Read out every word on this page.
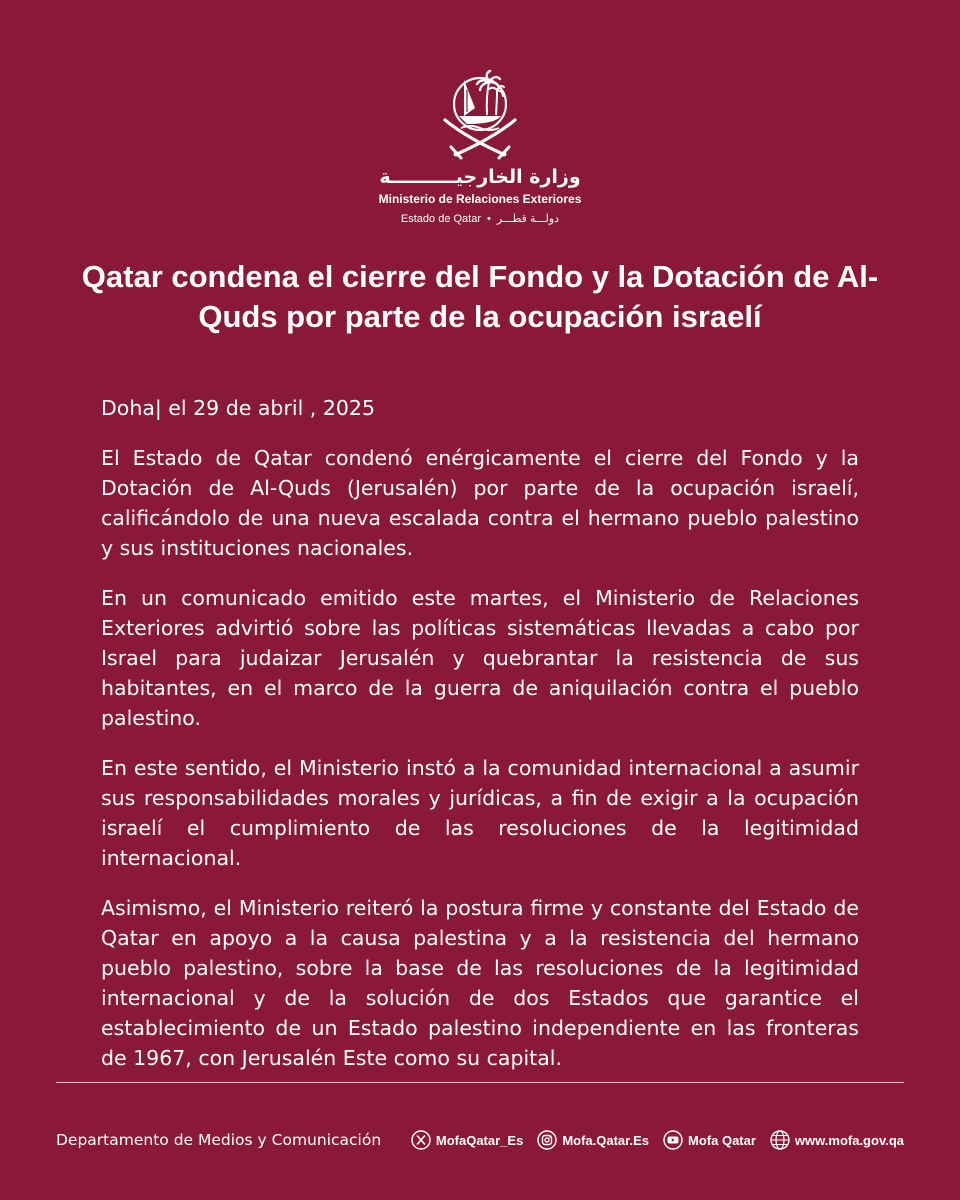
وزارة الخارجيــــــــــة
Ministerio de Relaciones Exteriores
Estado de Qatar • دولـــة قطـــر
Qatar condena el cierre del Fondo y la Dotación de Al-Quds por parte de la ocupación israelí

Doha| el 29 de abril , 2025

El Estado de Qatar condenó enérgicamente el cierre del Fondo y la Dotación de Al-Quds (Jerusalén) por parte de la ocupación israelí, calificándolo de una nueva escalada contra el hermano pueblo palestino y sus instituciones nacionales.

En un comunicado emitido este martes, el Ministerio de Relaciones Exteriores advirtió sobre las políticas sistemáticas llevadas a cabo por Israel para judaizar Jerusalén y quebrantar la resistencia de sus habitantes, en el marco de la guerra de aniquilación contra el pueblo palestino.

En este sentido, el Ministerio instó a la comunidad internacional a asumir sus responsabilidades morales y jurídicas, a fin de exigir a la ocupación israelí el cumplimiento de las resoluciones de la legitimidad internacional.

Asimismo, el Ministerio reiteró la postura firme y constante del Estado de Qatar en apoyo a la causa palestina y a la resistencia del hermano pueblo palestino, sobre la base de las resoluciones de la legitimidad internacional y de la solución de dos Estados que garantice el establecimiento de un Estado palestino independiente en las fronteras de 1967, con Jerusalén Este como su capital.

Departamento de Medios y Comunicación	MofaQatar_Es	Mofa.Qatar.Es	Mofa Qatar	www.mofa.gov.qa
